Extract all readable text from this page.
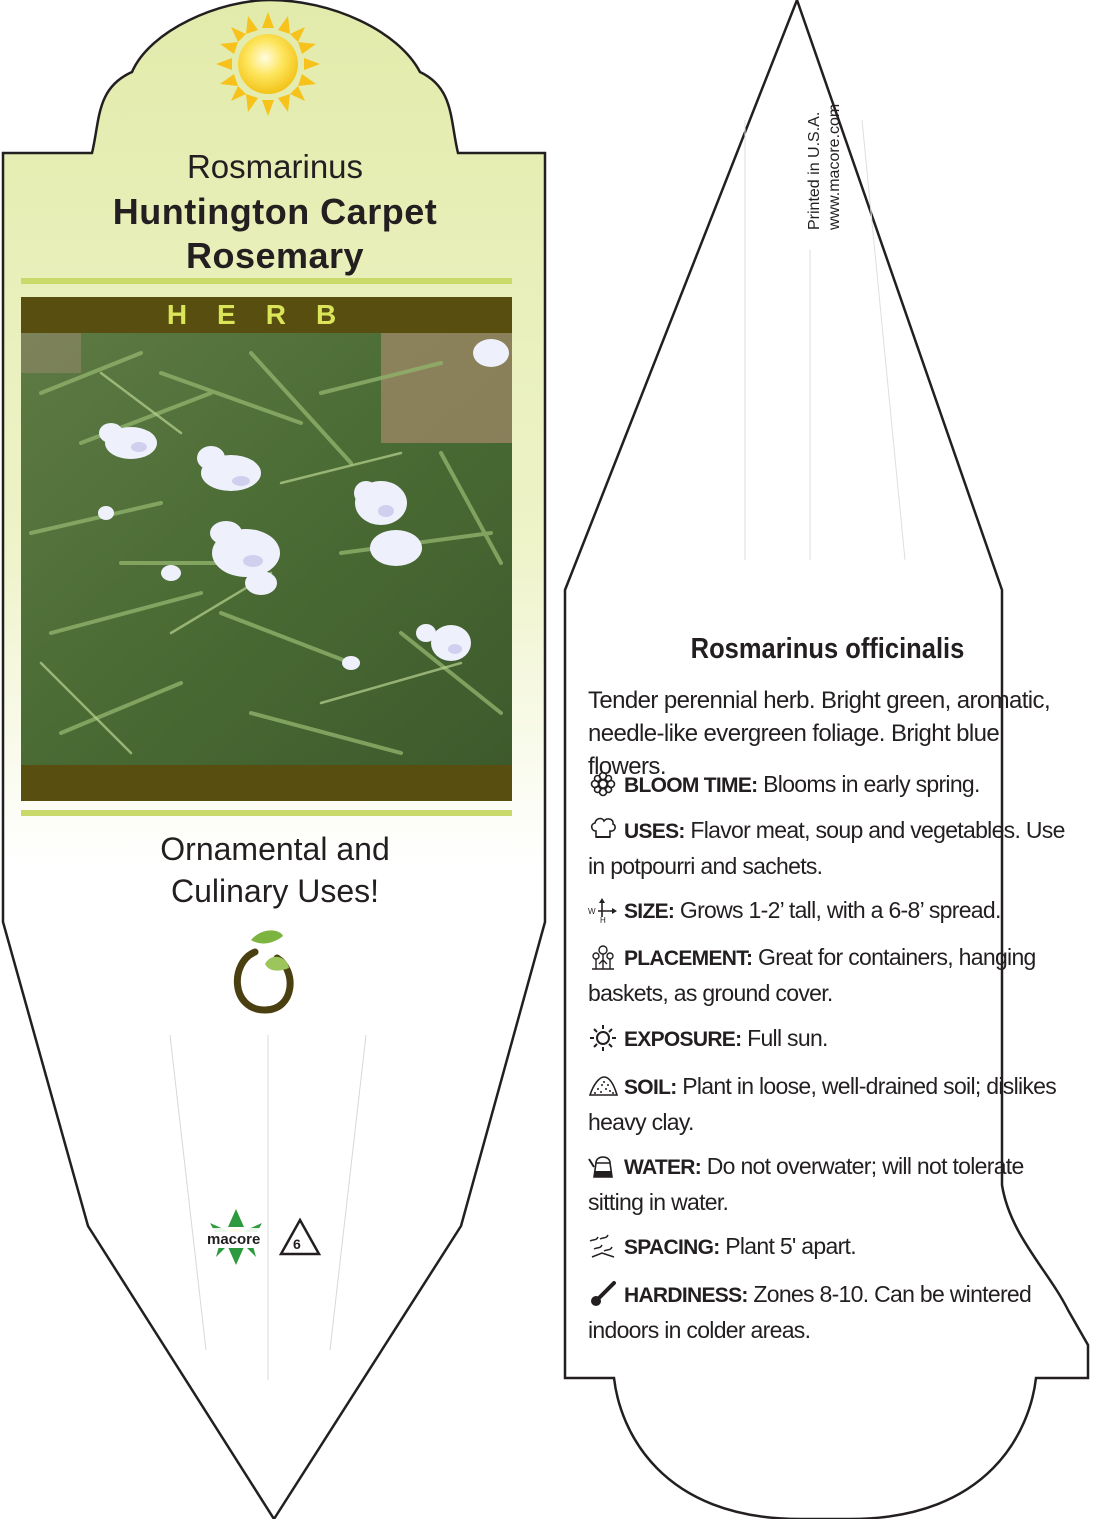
Rosmarinus
Huntington Carpet
Rosemary
HERB
Ornamental and
Culinary Uses!
macore 6
Printed in U.S.A. www.macore.com
Rosmarinus officinalis
Tender perennial herb. Bright green, aromatic, needle-like evergreen foliage. Bright blue flowers.
BLOOM TIME: Blooms in early spring.
USES: Flavor meat, soup and vegetables. Use in potpourri and sachets.
W
H SIZE: Grows 1-2’ tall, with a 6-8’ spread.
PLACEMENT: Great for containers, hanging baskets, as ground cover.
EXPOSURE: Full sun.
SOIL: Plant in loose, well-drained soil; dislikes heavy clay.
WATER: Do not overwater; will not tolerate sitting in water.
SPACING: Plant 5' apart.
HARDINESS: Zones 8-10. Can be wintered indoors in colder areas.
